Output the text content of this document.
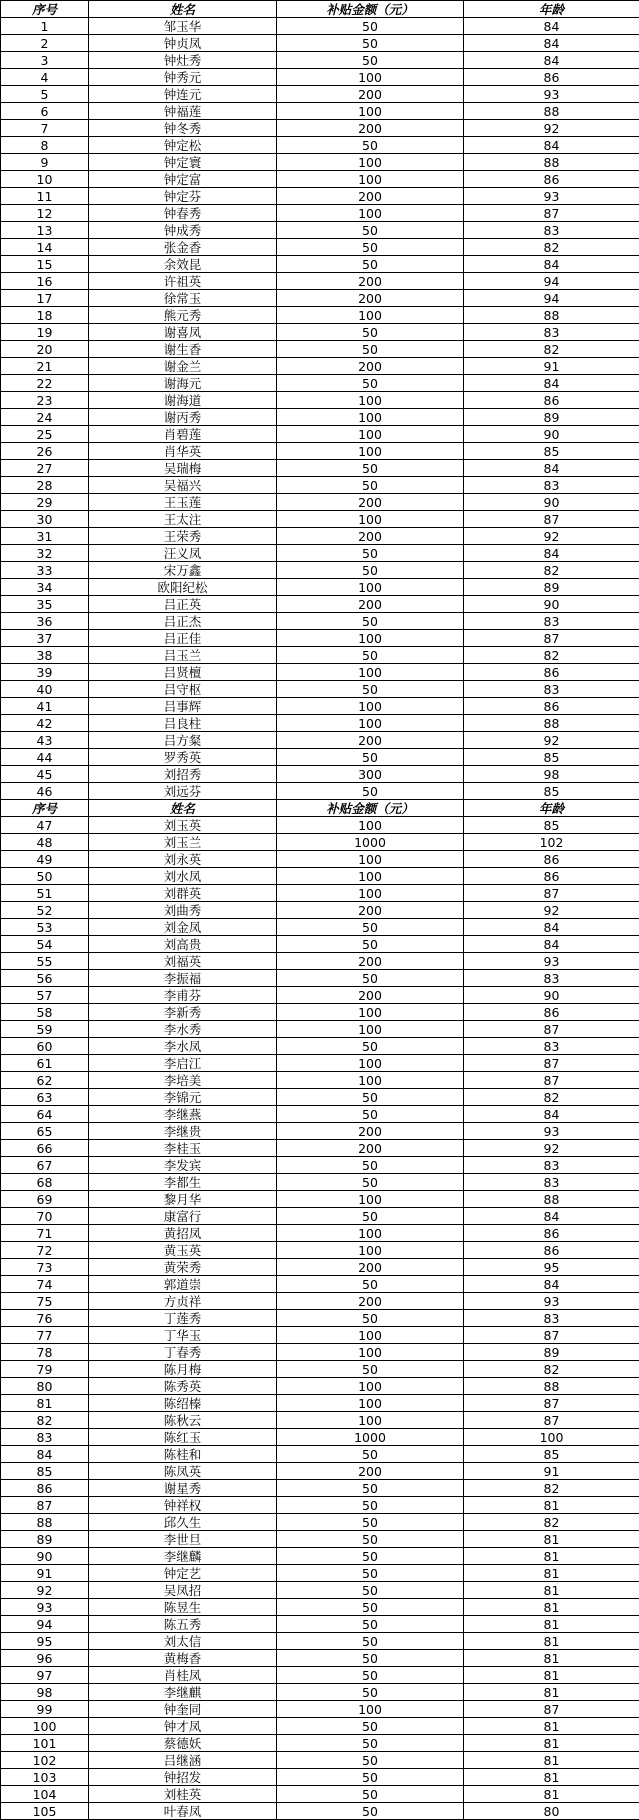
序号	姓名	补贴金额（元）	年龄
1	邹玉华	50	84
2	钟贞凤	50	84
3	钟灶秀	50	84
4	钟秀元	100	86
5	钟连元	200	93
6	钟福莲	100	88
7	钟冬秀	200	92
8	钟定松	50	84
9	钟定寰	100	88
10	钟定富	100	86
11	钟定芬	200	93
12	钟春秀	100	87
13	钟成秀	50	83
14	张金香	50	82
15	余效昆	50	84
16	许祖英	200	94
17	徐常玉	200	94
18	熊元秀	100	88
19	谢喜凤	50	83
20	谢生香	50	82
21	谢金兰	200	91
22	谢海元	50	84
23	谢海道	100	86
24	谢丙秀	100	89
25	肖碧莲	100	90
26	肖华英	100	85
27	吴瑞梅	50	84
28	吴福兴	50	83
29	王玉莲	200	90
30	王太注	100	87
31	王荣秀	200	92
32	汪义凤	50	84
33	宋万鑫	50	82
34	欧阳纪松	100	89
35	吕正英	200	90
36	吕正杰	50	83
37	吕正佳	100	87
38	吕玉兰	50	82
39	吕贤檀	100	86
40	吕守枢	50	83
41	吕事辉	100	86
42	吕良柱	100	88
43	吕方粲	200	92
44	罗秀英	50	85
45	刘招秀	300	98
46	刘远芬	50	85
序号	姓名	补贴金额（元）	年龄
47	刘玉英	100	85
48	刘玉兰	1000	102
49	刘永英	100	86
50	刘水凤	100	86
51	刘群英	100	87
52	刘曲秀	200	92
53	刘金凤	50	84
54	刘高贵	50	84
55	刘福英	200	93
56	李振福	50	83
57	李甫芬	200	90
58	李新秀	100	86
59	李水秀	100	87
60	李水凤	50	83
61	李启江	100	87
62	李培美	100	87
63	李锦元	50	82
64	李继燕	50	84
65	李继贵	200	93
66	李桂玉	200	92
67	李发宾	50	83
68	李都生	50	83
69	黎月华	100	88
70	康富行	50	84
71	黄招凤	100	86
72	黄玉英	100	86
73	黄荣秀	200	95
74	郭道崇	50	84
75	方贞祥	200	93
76	丁莲秀	50	83
77	丁华玉	100	87
78	丁春秀	100	89
79	陈月梅	50	82
80	陈秀英	100	88
81	陈绍榛	100	87
82	陈秋云	100	87
83	陈红玉	1000	100
84	陈桂和	50	85
85	陈凤英	200	91
86	谢星秀	50	82
87	钟祥权	50	81
88	邱久生	50	82
89	李世旦	50	81
90	李继麟	50	81
91	钟定艺	50	81
92	吴凤招	50	81
93	陈昱生	50	81
94	陈五秀	50	81
95	刘太信	50	81
96	黄梅香	50	81
97	肖桂凤	50	81
98	李继麒	50	81
99	钟奎同	100	87
100	钟才凤	50	81
101	蔡德妖	50	81
102	吕继涵	50	81
103	钟招发	50	81
104	刘桂英	50	81
105	叶春凤	50	80
